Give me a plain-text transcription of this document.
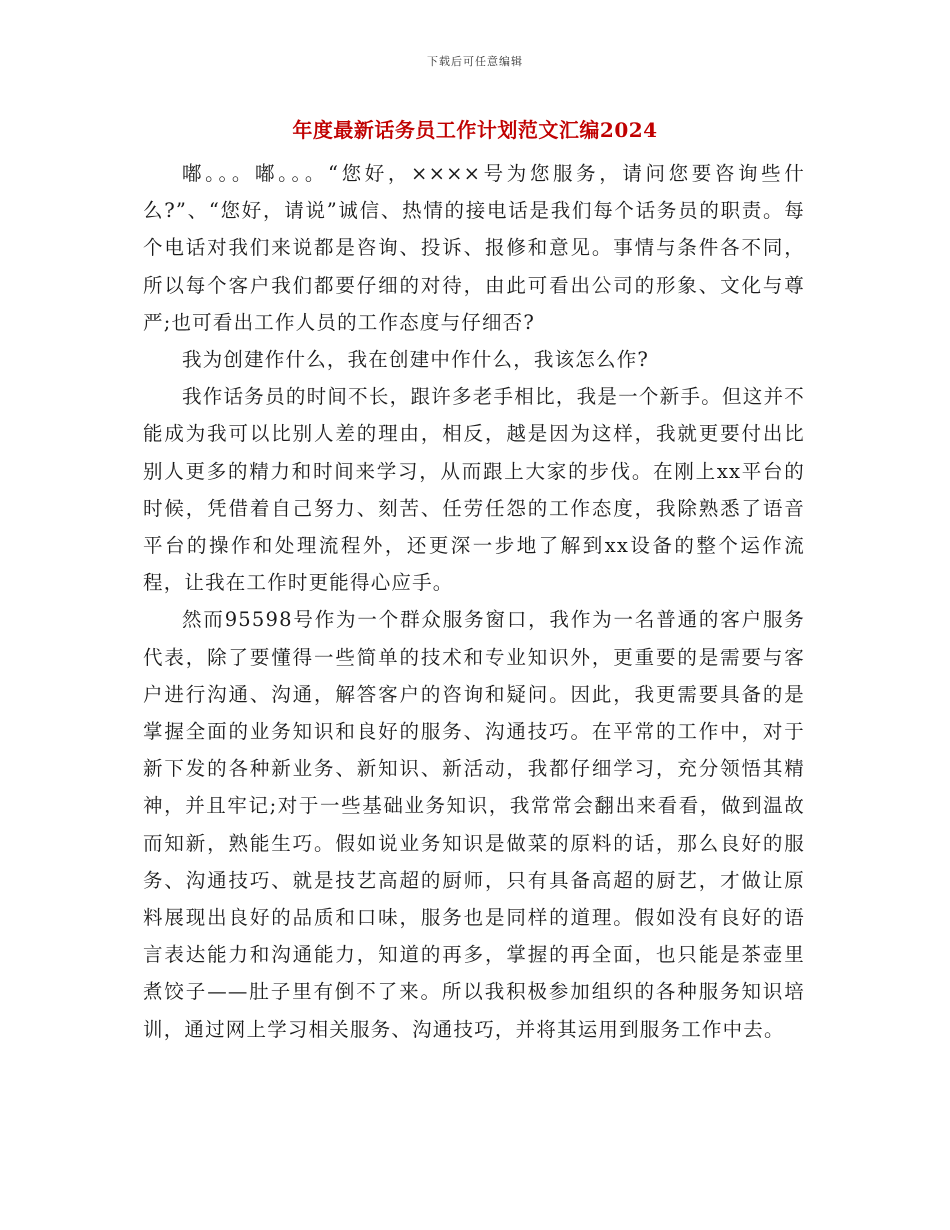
下载后可任意编辑
年度最新话务员工作计划范文汇编2024

嘟。。。嘟。。。“您好，××××号为您服务，请问您要咨询些什么?”、“您好，请说”诚信、热情的接电话是我们每个话务员的职责。每个电话对我们来说都是咨询、投诉、报修和意见。事情与条件各不同，所以每个客户我们都要仔细的对待，由此可看出公司的形象、文化与尊严;也可看出工作人员的工作态度与仔细否?

我为创建作什么，我在创建中作什么，我该怎么作?

我作话务员的时间不长，跟许多老手相比，我是一个新手。但这并不能成为我可以比别人差的理由，相反，越是因为这样，我就更要付出比别人更多的精力和时间来学习，从而跟上大家的步伐。在刚上xx平台的时候，凭借着自己努力、刻苦、任劳任怨的工作态度，我除熟悉了语音平台的操作和处理流程外，还更深一步地了解到xx设备的整个运作流程，让我在工作时更能得心应手。

然而95598号作为一个群众服务窗口，我作为一名普通的客户服务代表，除了要懂得一些简单的技术和专业知识外，更重要的是需要与客户进行沟通、沟通，解答客户的咨询和疑问。因此，我更需要具备的是掌握全面的业务知识和良好的服务、沟通技巧。在平常的工作中，对于新下发的各种新业务、新知识、新活动，我都仔细学习，充分领悟其精神，并且牢记;对于一些基础业务知识，我常常会翻出来看看，做到温故而知新，熟能生巧。假如说业务知识是做菜的原料的话，那么良好的服务、沟通技巧、就是技艺高超的厨师，只有具备高超的厨艺，才做让原料展现出良好的品质和口味，服务也是同样的道理。假如没有良好的语言表达能力和沟通能力，知道的再多，掌握的再全面，也只能是茶壶里煮饺子——肚子里有倒不了来。所以我积极参加组织的各种服务知识培训，通过网上学习相关服务、沟通技巧，并将其运用到服务工作中去。
